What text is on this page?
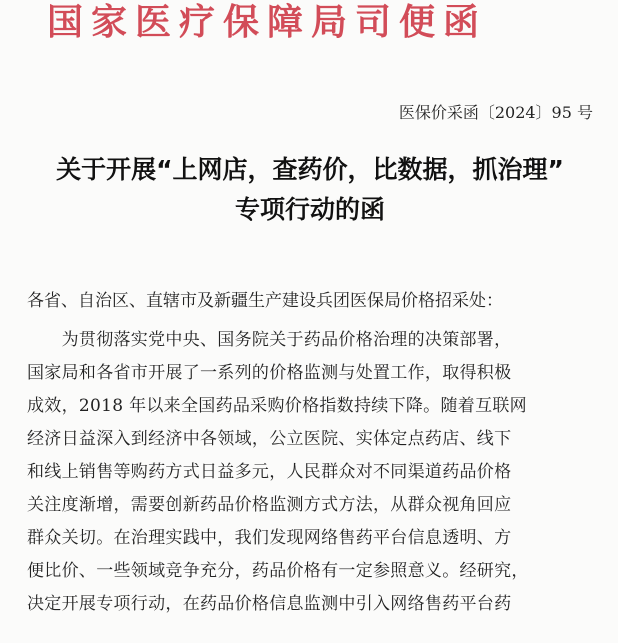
国家医疗保障局司便函
医保价采函〔2024〕95 号
关于开展“上网店，查药价，比数据，抓治理”
专项行动的函
各省、自治区、直辖市及新疆生产建设兵团医保局价格招采处：
　　为贯彻落实党中央、国务院关于药品价格治理的决策部署，
国家局和各省市开展了一系列的价格监测与处置工作，取得积极
成效，2018 年以来全国药品采购价格指数持续下降。随着互联网
经济日益深入到经济中各领域，公立医院、实体定点药店、线下
和线上销售等购药方式日益多元，人民群众对不同渠道药品价格
关注度渐增，需要创新药品价格监测方式方法，从群众视角回应
群众关切。在治理实践中，我们发现网络售药平台信息透明、方
便比价、一些领域竞争充分，药品价格有一定参照意义。经研究，
决定开展专项行动，在药品价格信息监测中引入网络售药平台药
